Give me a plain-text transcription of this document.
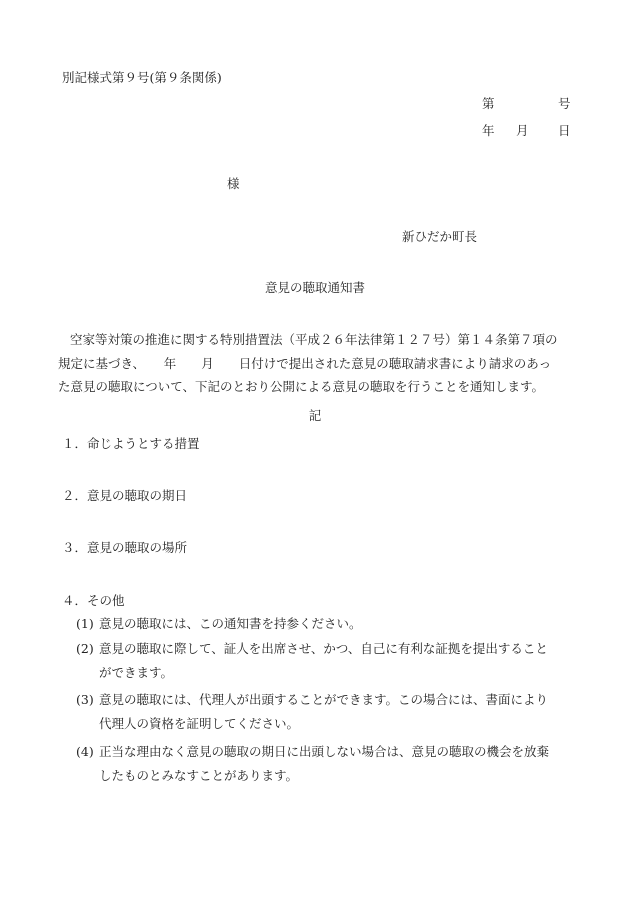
別記様式第９号(第９条関係)
第	号
年 月 日
様
新ひだか町長
意見の聴取通知書
空家等対策の推進に関する特別措置法（平成２６年法律第１２７号）第１４条第７項の
規定に基づき、　　年　　月　　日付けで提出された意見の聴取請求書により請求のあっ
た意見の聴取について、下記のとおり公開による意見の聴取を行うことを通知します。
記
１．命じようとする措置
２．意見の聴取の期日
３．意見の聴取の場所
４．その他
(1) 意見の聴取には、この通知書を持参ください。
(2) 意見の聴取に際して、証人を出席させ、かつ、自己に有利な証拠を提出すること
ができます。
(3) 意見の聴取には、代理人が出頭することができます。この場合には、書面により
代理人の資格を証明してください。
(4) 正当な理由なく意見の聴取の期日に出頭しない場合は、意見の聴取の機会を放棄
したものとみなすことがあります。
